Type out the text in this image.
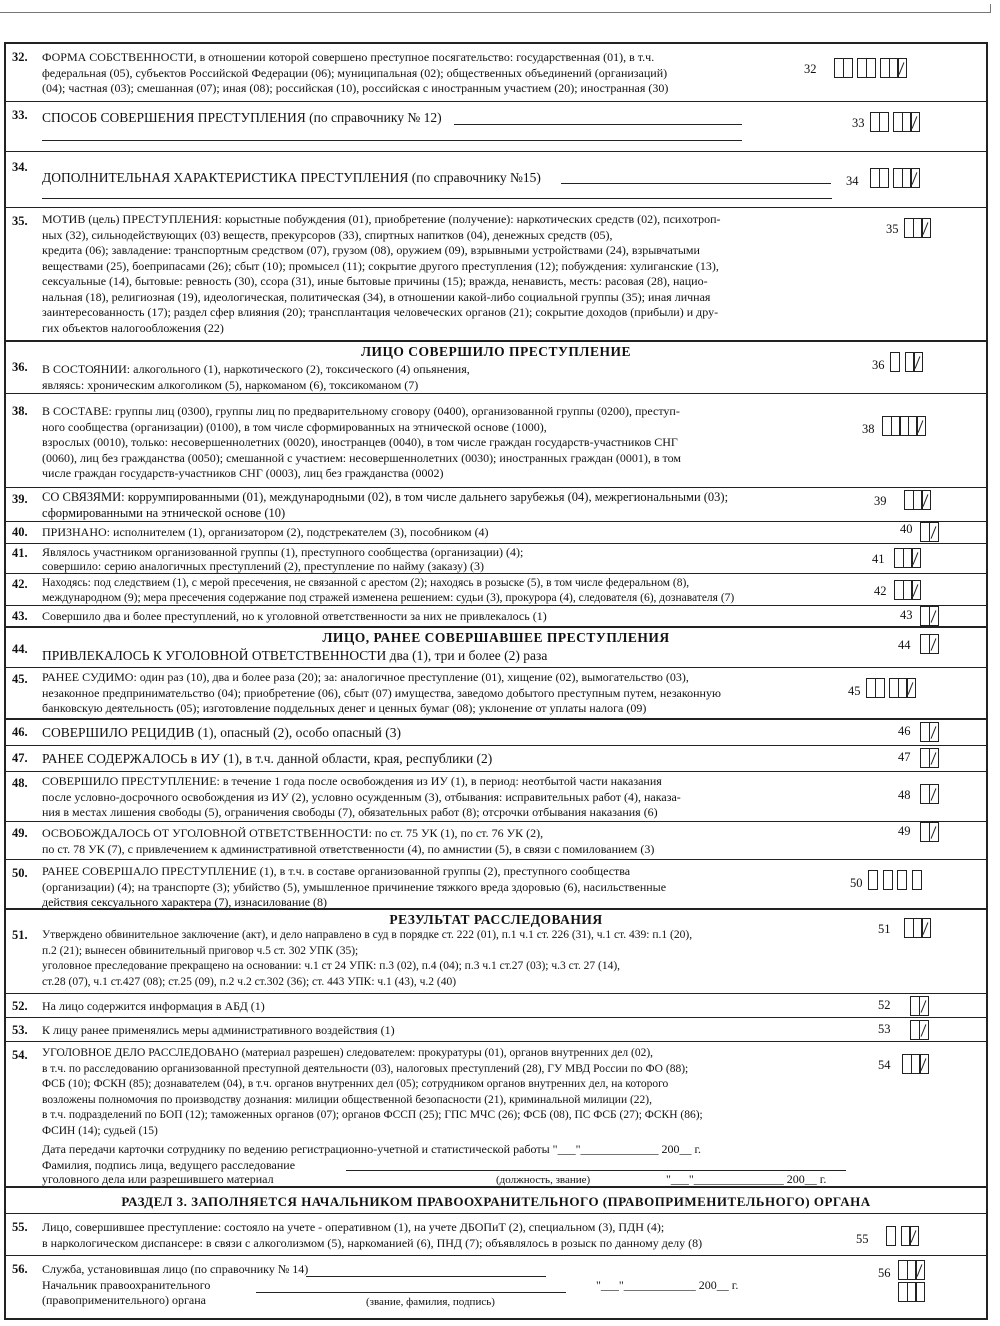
32. ФОРМА СОБСТВЕННОСТИ, в отношении которой совершено преступное посягательство: государственная (01), в т.ч.
федеральная (05), субъектов Российской Федерации (06); муниципальная (02); общественных объединений (организаций)
(04); частная (03); смешанная (07); иная (08); российская (10), российская с иностранным участием (20); иностранная (30)
32
33. СПОСОБ СОВЕРШЕНИЯ ПРЕСТУПЛЕНИЯ (по справочнику № 12)	33
34.
ДОПОЛНИТЕЛЬНАЯ ХАРАКТЕРИСТИКА ПРЕСТУПЛЕНИЯ (по справочнику №15)	34
35. МОТИВ (цель) ПРЕСТУПЛЕНИЯ: корыстные побуждения (01), приобретение (получение): наркотических средств (02), психотроп-
ных (32), сильнодействующих (03) веществ, прекурсоров (33), спиртных напитков (04), денежных средств (05),
кредита (06); завладение: транспортным средством (07), грузом (08), оружием (09), взрывными устройствами (24), взрывчатыми
веществами (25), боеприпасами (26); сбыт (10); промысел (11); сокрытие другого преступления (12); побуждения: хулиганские (13),
сексуальные (14), бытовые: ревность (30), ссора (31), иные бытовые причины (15); вражда, ненависть, месть: расовая (28), нацио-
нальная (18), религиозная (19), идеологическая, политическая (34), в отношении какой-либо социальной группы (35); иная личная
заинтересованность (17); раздел сфер влияния (20); трансплантация человеческих органов (21); сокрытие доходов (прибыли) и дру-
гих объектов налогообложения (22)
35
ЛИЦО СОВЕРШИЛО ПРЕСТУПЛЕНИЕ
36. В СОСТОЯНИИ: алкогольного (1), наркотического (2), токсического (4) опьянения,
являясь: хроническим алкоголиком (5), наркоманом (6), токсикоманом (7)
36
38. В СОСТАВЕ: группы лиц (0300), группы лиц по предварительному сговору (0400), организованной группы (0200), преступ-
ного сообщества (организации) (0100), в том числе сформированных на этнической основе (1000),
взрослых (0010), только: несовершеннолетних (0020), иностранцев (0040), в том числе граждан государств-участников СНГ
(0060), лиц без гражданства (0050); смешанной с участием: несовершеннолетних (0030); иностранных граждан (0001), в том
числе граждан государств-участников СНГ (0003), лиц без гражданства (0002)
38
39. СО СВЯЗЯМИ: коррумпированными (01), международными (02), в том числе дальнего зарубежья (04), межрегиональными (03);
сформированными на этнической основе (10)
39
40. ПРИЗНАНО: исполнителем (1), организатором (2), подстрекателем (3), пособником (4)	40
41. Являлось участником организованной группы (1), преступного сообщества (организации) (4);
совершило: серию аналогичных преступлений (2), преступление по найму (заказу) (3)	41
42. Находясь: под следствием (1), с мерой пресечения, не связанной с арестом (2); находясь в розыске (5), в том числе федеральном (8),
международном (9); мера пресечения содержание под стражей изменена решением: судьи (3), прокурора (4), следователя (6), дознавателя (7)	42
43. Совершило два и более преступлений, но к уголовной ответственности за них не привлекалось (1)	43
ЛИЦО, РАНЕЕ СОВЕРШАВШЕЕ ПРЕСТУПЛЕНИЯ
44. ПРИВЛЕКАЛОСЬ К УГОЛОВНОЙ ОТВЕТСТВЕННОСТИ два (1), три и более (2) раза
44
45. РАНЕЕ СУДИМО: один раз (10), два и более раза (20); за: аналогичное преступление (01), хищение (02), вымогательство (03),
незаконное предпринимательство (04); приобретение (06), сбыт (07) имущества, заведомо добытого преступным путем, незаконную
банковскую деятельность (05); изготовление поддельных денег и ценных бумаг (08); уклонение от уплаты налога (09)
45
46. СОВЕРШИЛО РЕЦИДИВ (1), опасный (2), особо опасный (3)	46
47. РАНЕЕ СОДЕРЖАЛОСЬ в ИУ (1), в т.ч. данной области, края, республики (2)	47
48. СОВЕРШИЛО ПРЕСТУПЛЕНИЕ: в течение 1 года после освобождения из ИУ (1), в период: неотбытой части наказания
после условно-досрочного освобождения из ИУ (2), условно осужденным (3), отбывания: исправительных работ (4), наказа-
ния в местах лишения свободы (5), ограничения свободы (7), обязательных работ (8); отсрочки отбывания наказания (6)
48
49. ОСВОБОЖДАЛОСЬ ОТ УГОЛОВНОЙ ОТВЕТСТВЕННОСТИ: по ст. 75 УК (1), по ст. 76 УК (2),
по ст. 78 УК (7), с привлечением к административной ответственности (4), по амнистии (5), в связи с помилованием (3)
49
50. РАНЕЕ СОВЕРШАЛО ПРЕСТУПЛЕНИЕ (1), в т.ч. в составе организованной группы (2), преступного сообщества
(организации) (4); на транспорте (3); убийство (5), умышленное причинение тяжкого вреда здоровью (6), насильственные
действия сексуального характера (7), изнасилование (8)
50
РЕЗУЛЬТАТ РАССЛЕДОВАНИЯ
51. Утверждено обвинительное заключение (акт), и дело направлено в суд в порядке ст. 222 (01), п.1 ч.1 ст. 226 (31), ч.1 ст. 439: п.1 (20),
п.2 (21); вынесен обвинительный приговор ч.5 ст. 302 УПК (35);
уголовное преследование прекращено на основании: ч.1 ст 24 УПК: п.3 (02), п.4 (04); п.3 ч.1 ст.27 (03); ч.3 ст. 27 (14),
ст.28 (07), ч.1 ст.427 (08); ст.25 (09), п.2 ч.2 ст.302 (36); ст. 443 УПК: ч.1 (43), ч.2 (40)
51
52. На лицо содержится информация в АБД (1)	52
53. К лицу ранее применялись меры административного воздействия (1)	53
54. УГОЛОВНОЕ ДЕЛО РАССЛЕДОВАНО (материал разрешен) следователем: прокуратуры (01), органов внутренних дел (02),
в т.ч. по расследованию организованной преступной деятельности (03), налоговых преступлений (28), ГУ МВД России по ФО (88);
ФСБ (10); ФСКН (85); дознавателем (04), в т.ч. органов внутренних дел (05); сотрудником органов внутренних дел, на которого
возложены полномочия по производству дознания: милиции общественной безопасности (21), криминальной милиции (22),
в т.ч. подразделений по БОП (12); таможенных органов (07); органов ФССП (25); ГПС МЧС (26); ФСБ (08), ПС ФСБ (27); ФСКН (86);
ФСИН (14); судьей (15)
54
Дата передачи карточки сотруднику по ведению регистрационно-учетной и статистической работы "___"_____________ 200__ г.
Фамилия, подпись лица, ведущего расследование
уголовного дела или разрешившего материал	(должность, звание)	"___"_______________ 200__ г.
РАЗДЕЛ 3. ЗАПОЛНЯЕТСЯ НАЧАЛЬНИКОМ ПРАВООХРАНИТЕЛЬНОГО (ПРАВОПРИМЕНИТЕЛЬНОГО) ОРГАНА
55. Лицо, совершившее преступление: состояло на учете - оперативном (1), на учете ДБОПиТ (2), специальном (3), ПДН (4);
в наркологическом диспансере: в связи с алкоголизмом (5), наркоманией (6), ПНД (7); объявлялось в розыск по данному делу (8)	55
56. Служба, установившая лицо (по справочнику № 14)
Начальник правоохранительного
(правоприменительного) органа
"___"____________ 200__ г.
(звание, фамилия, подпись)
56
